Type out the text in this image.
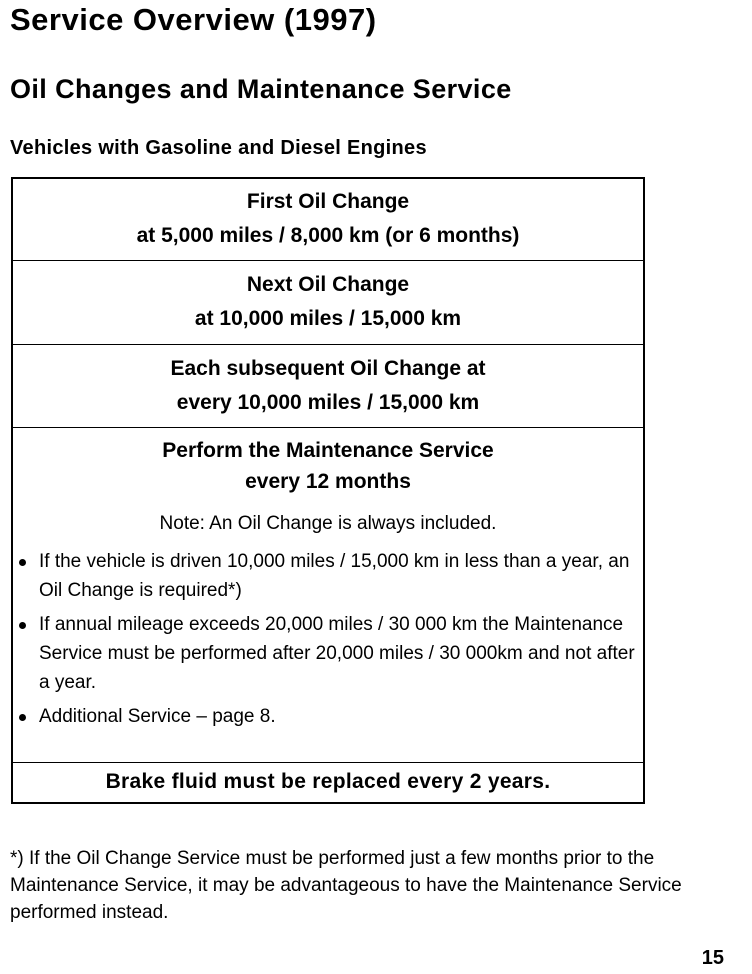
Service Overview (1997)
Oil Changes and Maintenance Service
Vehicles with Gasoline and Diesel Engines
First Oil Change
at 5,000 miles / 8,000 km (or 6 months)
Next Oil Change
at 10,000 miles / 15,000 km
Each subsequent Oil Change at
every 10,000 miles / 15,000 km
Perform the Maintenance Service
every 12 months
Note: An Oil Change is always included.
If the vehicle is driven 10,000 miles / 15,000 km in less than a year, an Oil Change is required*)
If annual mileage exceeds 20,000 miles / 30 000 km the Maintenance Service must be performed after 20,000 miles / 30 000km and not after a year.
Additional Service – page 8.
Brake fluid must be replaced every 2 years.

*) If the Oil Change Service must be performed just a few months prior to the Maintenance Service, it may be advantageous to have the Maintenance Service performed instead.

15
